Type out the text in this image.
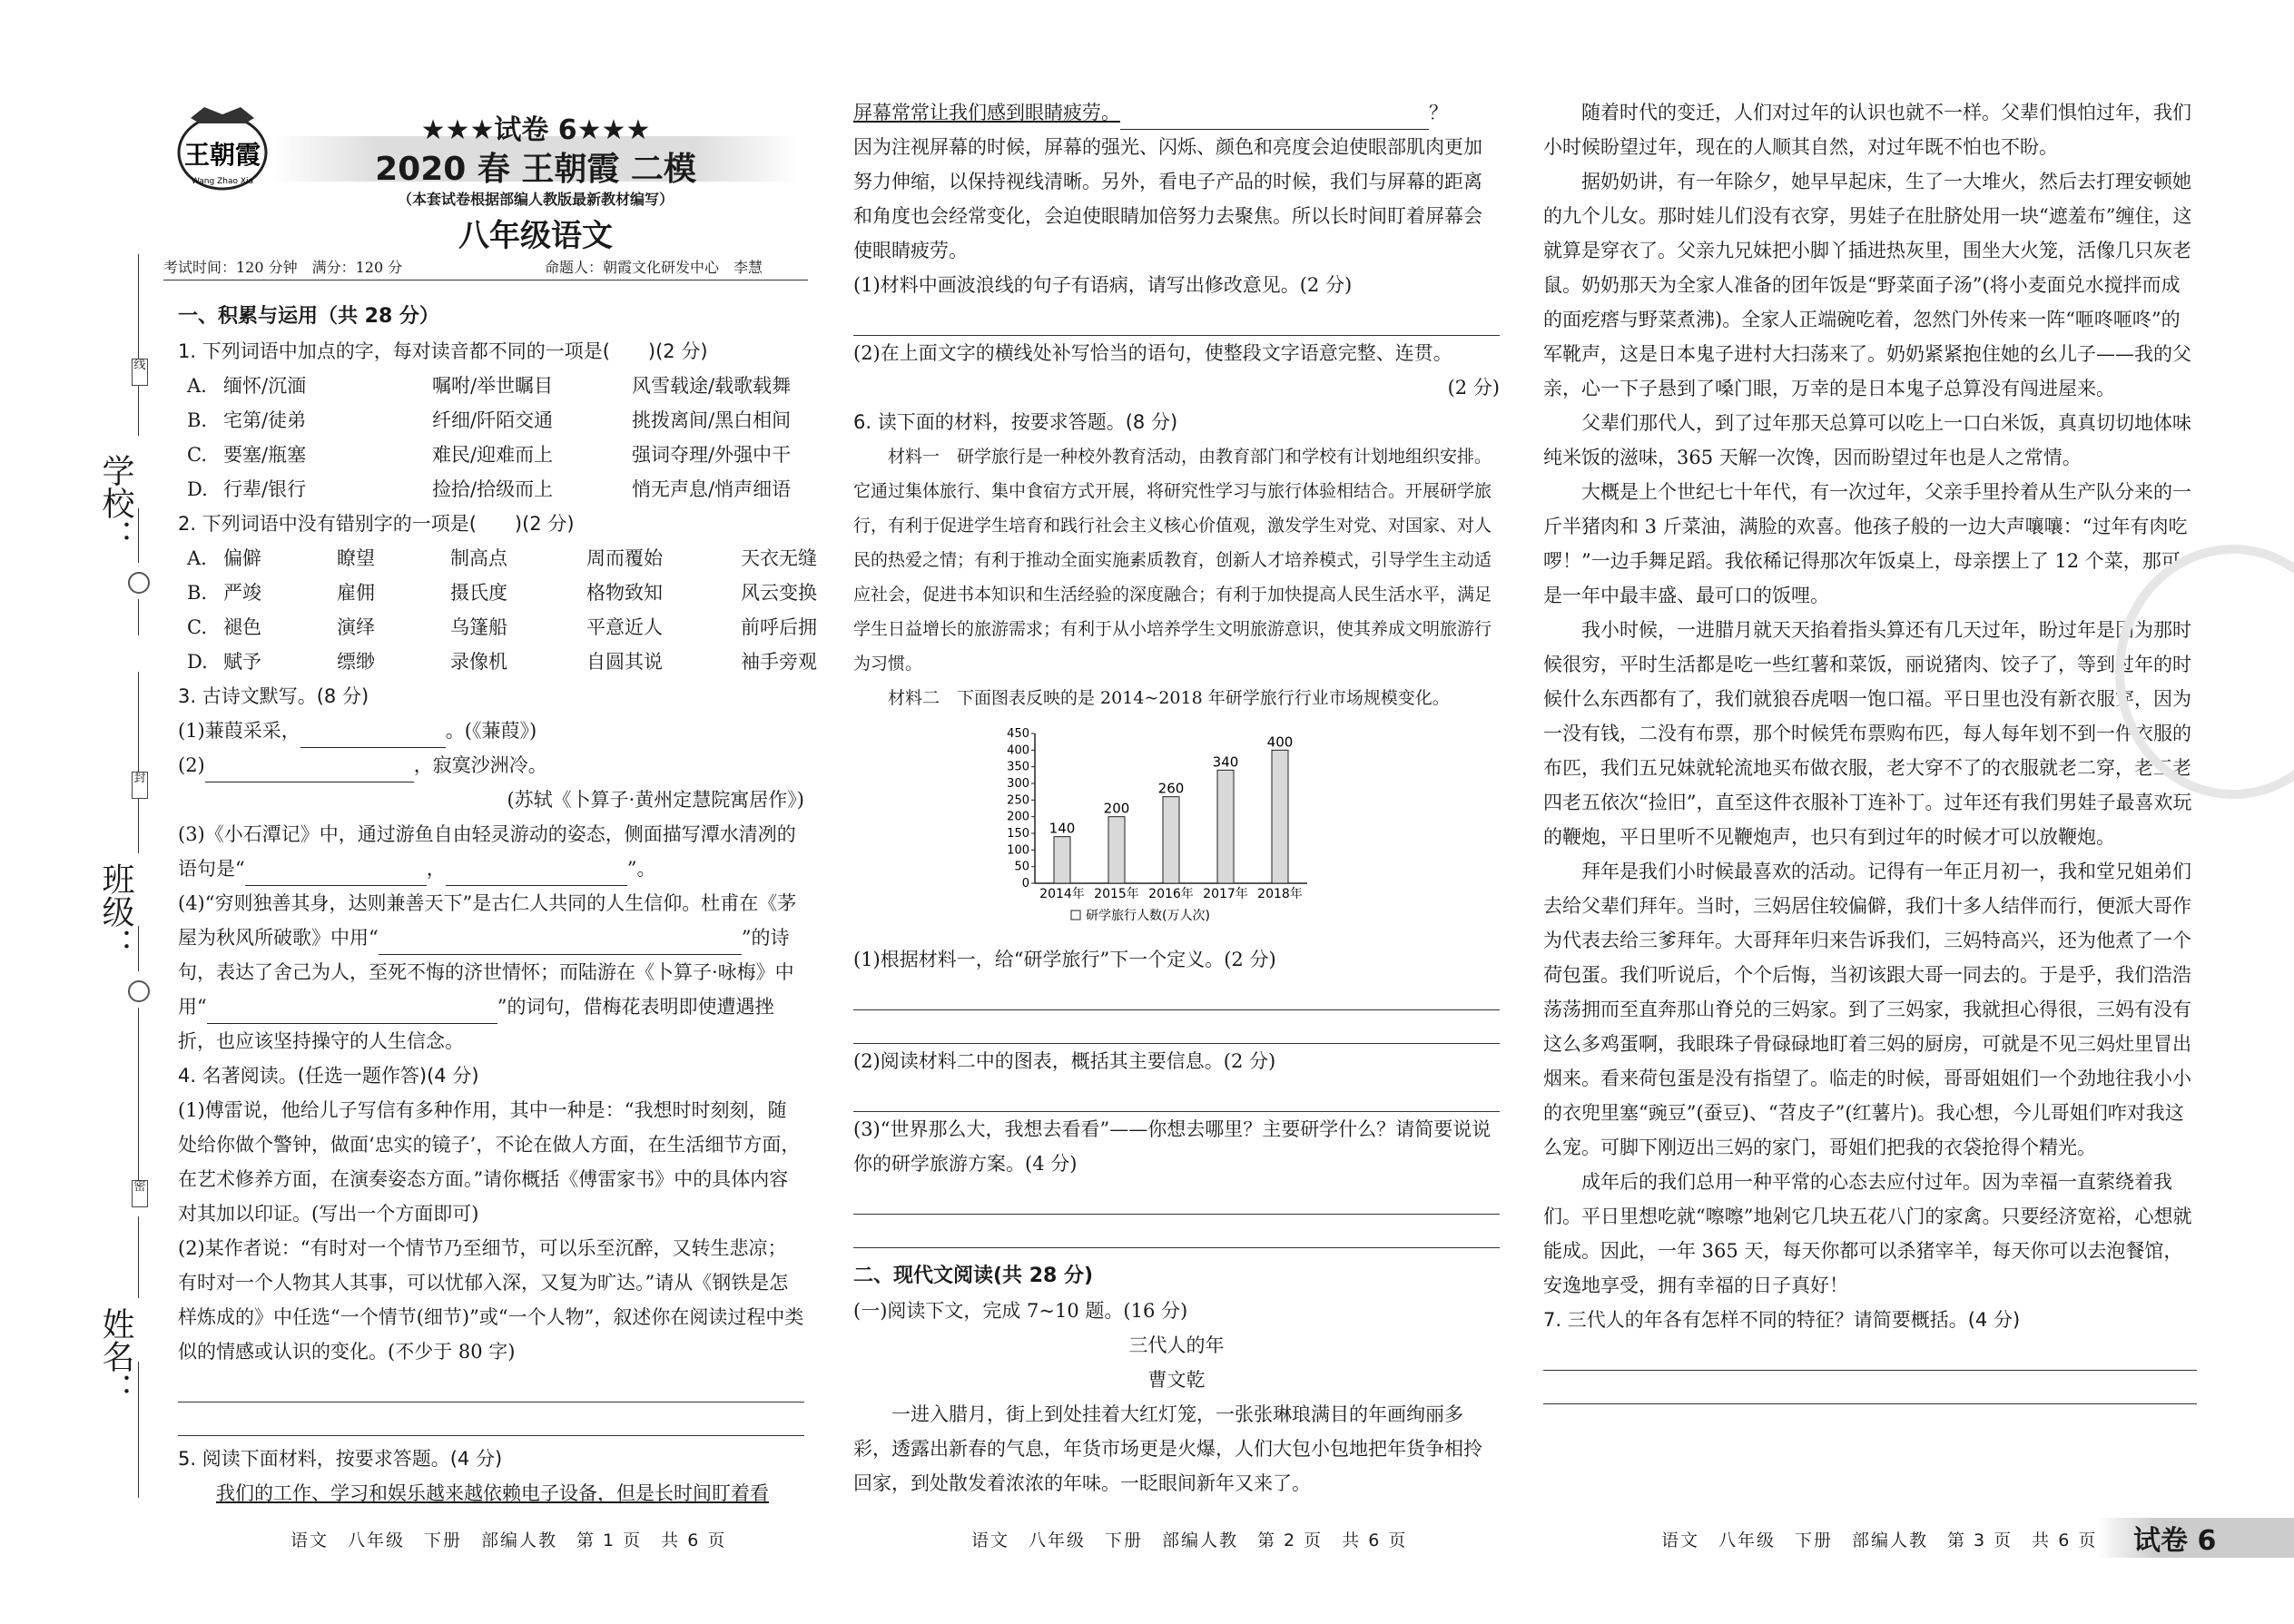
线
学校：
封
班级：
密
姓名：
王朝霞
Wang Zhao Xia
★★★试卷 6★★★
2020 春 王朝霞 二模
（本套试卷根据部编人教版最新教材编写）
八年级语文
考试时间：120 分钟　满分：120 分	命题人：朝霞文化研发中心　李慧

一、积累与运用（共 28 分）

1. 下列词语中加点的字，每对读音都不同的一项是(　　)(2 分)

A. 缅怀/沉湎	嘱咐/举世瞩目	风雪载途/载歌载舞
B. 宅第/徒弟	纤细/阡陌交通	挑拨离间/黑白相间
C. 要塞/瓶塞	难民/迎难而上	强词夺理/外强中干
D. 行辈/银行	捡拾/拾级而上	悄无声息/悄声细语

2. 下列词语中没有错别字的一项是(　　)(2 分)

A. 偏僻	瞭望	制高点	周而覆始	天衣无缝
B. 严竣	雇佣	摄氏度	格物致知	风云变换
C. 褪色	演绎	乌篷船	平意近人	前呼后拥
D. 赋予	缥缈	录像机	自圆其说	袖手旁观

3. 古诗文默写。(8 分)

(1)蒹葭采采，	。(《蒹葭》)

(2)	，寂寞沙洲冷。

(苏轼《卜算子·黄州定慧院寓居作》)

(3)《小石潭记》中，通过游鱼自由轻灵游动的姿态，侧面描写潭水清冽的语句是“	，	”。

(4)“穷则独善其身，达则兼善天下”是古仁人共同的人生信仰。杜甫在《茅屋为秋风所破歌》中用“	”的诗句，表达了舍己为人，至死不悔的济世情怀；而陆游在《卜算子·咏梅》中用“	”的词句，借梅花表明即使遭遇挫折，也应该坚持操守的人生信念。

4. 名著阅读。(任选一题作答)(4 分)

(1)傅雷说，他给儿子写信有多种作用，其中一种是：“我想时时刻刻，随处给你做个警钟，做面‘忠实的镜子’，不论在做人方面，在生活细节方面，在艺术修养方面，在演奏姿态方面。”请你概括《傅雷家书》中的具体内容对其加以印证。(写出一个方面即可)

(2)某作者说：“有时对一个情节乃至细节，可以乐至沉醉，又转生悲凉；有时对一个人物其人其事，可以忧郁入深，又复为旷达。”请从《钢铁是怎样炼成的》中任选“一个情节(细节)”或“一个人物”，叙述你在阅读过程中类似的情感或认识的变化。(不少于 80 字)

5. 阅读下面材料，按要求答题。(4 分)

我们的工作、学习和娱乐越来越依赖电子设备，但是长时间盯着看

屏幕常常让我们感到眼睛疲劳。	？

因为注视屏幕的时候，屏幕的强光、闪烁、颜色和亮度会迫使眼部肌肉更加努力伸缩，以保持视线清晰。另外，看电子产品的时候，我们与屏幕的距离和角度也会经常变化，会迫使眼睛加倍努力去聚焦。所以长时间盯着屏幕会使眼睛疲劳。

(1)材料中画波浪线的句子有语病，请写出修改意见。(2 分)

(2)在上面文字的横线处补写恰当的语句，使整段文字语意完整、连贯。

(2 分)

6. 读下面的材料，按要求答题。(8 分)

材料一　研学旅行是一种校外教育活动，由教育部门和学校有计划地组织安排。它通过集体旅行、集中食宿方式开展，将研究性学习与旅行体验相结合。开展研学旅行，有利于促进学生培育和践行社会主义核心价值观，激发学生对党、对国家、对人民的热爱之情；有利于推动全面实施素质教育，创新人才培养模式，引导学生主动适应社会，促进书本知识和生活经验的深度融合；有利于加快提高人民生活水平，满足学生日益增长的旅游需求；有利于从小培养学生文明旅游意识，使其养成文明旅游行为习惯。

材料二　下面图表反映的是 2014~2018 年研学旅行行业市场规模变化。

0
50
100
150
200
250
300
350
400
450
140
2014年
200
2015年
260
2016年
340
2017年
400
2018年
研学旅行人数(万人次)

(1)根据材料一，给“研学旅行”下一个定义。(2 分)

(2)阅读材料二中的图表，概括其主要信息。(2 分)

(3)“世界那么大，我想去看看”——你想去哪里？主要研学什么？请简要说说你的研学旅游方案。(4 分)

二、现代文阅读(共 28 分)

(一)阅读下文，完成 7~10 题。(16 分)

三代人的年

曹文乾

一进入腊月，街上到处挂着大红灯笼，一张张琳琅满目的年画绚丽多彩，透露出新春的气息，年货市场更是火爆，人们大包小包地把年货争相拎回家，到处散发着浓浓的年味。一眨眼间新年又来了。

随着时代的变迁，人们对过年的认识也就不一样。父辈们惧怕过年，我们小时候盼望过年，现在的人顺其自然，对过年既不怕也不盼。

据奶奶讲，有一年除夕，她早早起床，生了一大堆火，然后去打理安顿她的九个儿女。那时娃儿们没有衣穿，男娃子在肚脐处用一块“遮羞布”缠住，这就算是穿衣了。父亲九兄妹把小脚丫插进热灰里，围坐大火笼，活像几只灰老鼠。奶奶那天为全家人准备的团年饭是“野菜面子汤”(将小麦面兑水搅拌而成的面疙瘩与野菜煮沸)。全家人正端碗吃着，忽然门外传来一阵“咂咚咂咚”的军靴声，这是日本鬼子进村大扫荡来了。奶奶紧紧抱住她的幺儿子——我的父亲，心一下子悬到了嗓门眼，万幸的是日本鬼子总算没有闯进屋来。

父辈们那代人，到了过年那天总算可以吃上一口白米饭，真真切切地体味纯米饭的滋味，365 天解一次馋，因而盼望过年也是人之常情。

大概是上个世纪七十年代，有一次过年，父亲手里拎着从生产队分来的一斤半猪肉和 3 斤菜油，满脸的欢喜。他孩子般的一边大声嚷嚷：“过年有肉吃啰！”一边手舞足蹈。我依稀记得那次年饭桌上，母亲摆上了 12 个菜，那可是一年中最丰盛、最可口的饭哩。

我小时候，一进腊月就天天掐着指头算还有几天过年，盼过年是因为那时候很穷，平时生活都是吃一些红薯和菜饭，丽说猪肉、饺子了，等到过年的时候什么东西都有了，我们就狼吞虎咽一饱口福。平日里也没有新衣服穿，因为一没有钱，二没有布票，那个时候凭布票购布匹，每人每年划不到一件衣服的布匹，我们五兄妹就轮流地买布做衣服，老大穿不了的衣服就老二穿，老三老四老五依次“捡旧”，直至这件衣服补丁连补丁。过年还有我们男娃子最喜欢玩的鞭炮，平日里听不见鞭炮声，也只有到过年的时候才可以放鞭炮。

拜年是我们小时候最喜欢的活动。记得有一年正月初一，我和堂兄姐弟们去给父辈们拜年。当时，三妈居住较偏僻，我们十多人结伴而行，便派大哥作为代表去给三爹拜年。大哥拜年归来告诉我们，三妈特高兴，还为他煮了一个荷包蛋。我们听说后，个个后悔，当初该跟大哥一同去的。于是乎，我们浩浩荡荡拥而至直奔那山脊兑的三妈家。到了三妈家，我就担心得很，三妈有没有这么多鸡蛋啊，我眼珠子骨碌碌地盯着三妈的厨房，可就是不见三妈灶里冒出烟来。看来荷包蛋是没有指望了。临走的时候，哥哥姐姐们一个劲地往我小小的衣兜里塞“豌豆”(蚕豆)、“苕皮子”(红薯片)。我心想，今儿哥姐们咋对我这么宠。可脚下刚迈出三妈的家门，哥姐们把我的衣袋抢得个精光。

成年后的我们总用一种平常的心态去应付过年。因为幸福一直萦绕着我们。平日里想吃就“嚓嚓”地剁它几块五花八门的家禽。只要经济宽裕，心想就能成。因此，一年 365 天，每天你都可以杀猪宰羊，每天你可以去泡餐馆，安逸地享受，拥有幸福的日子真好！

7. 三代人的年各有怎样不同的特征？请简要概括。(4 分)

语文　八年级　下册　部编人教　第 1 页　共 6 页	语文　八年级　下册　部编人教　第 2 页　共 6 页	语文　八年级　下册　部编人教　第 3 页　共 6 页 试卷 6
